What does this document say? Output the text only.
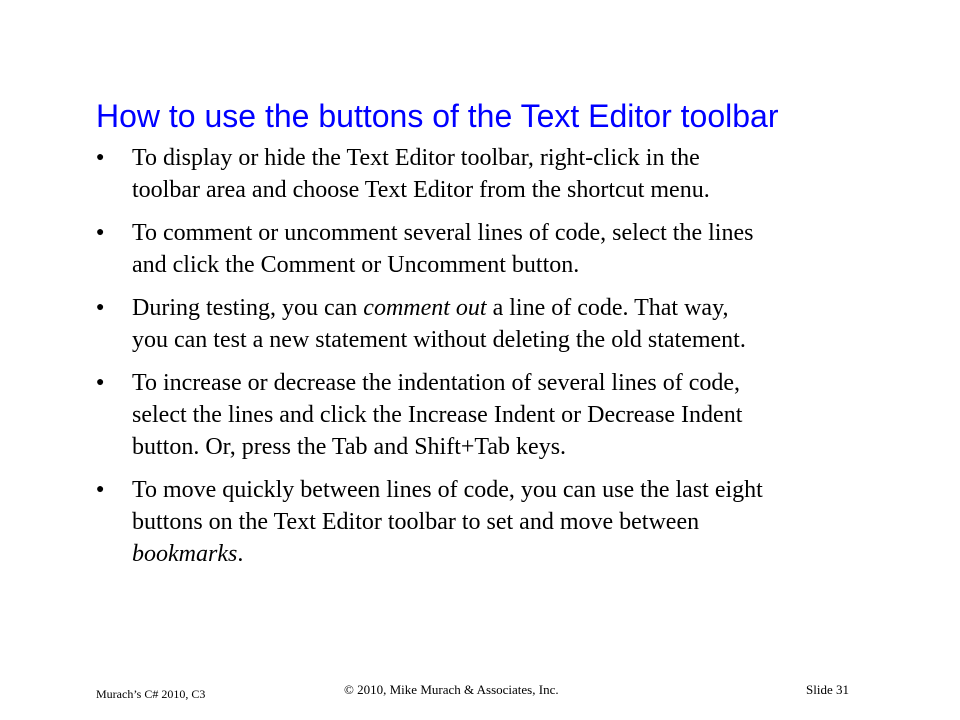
How to use the buttons of the Text Editor toolbar
● To display or hide the Text Editor toolbar, right-click in the
toolbar area and choose Text Editor from the shortcut menu.
● To comment or uncomment several lines of code, select the lines
and click the Comment or Uncomment button.
● During testing, you can comment out a line of code. That way,
you can test a new statement without deleting the old statement.
● To increase or decrease the indentation of several lines of code,
select the lines and click the Increase Indent or Decrease Indent
button. Or, press the Tab and Shift+Tab keys.
● To move quickly between lines of code, you can use the last eight
buttons on the Text Editor toolbar to set and move between
bookmarks.
Murach’s C# 2010, C3	© 2010, Mike Murach & Associates, Inc.	Slide 31
